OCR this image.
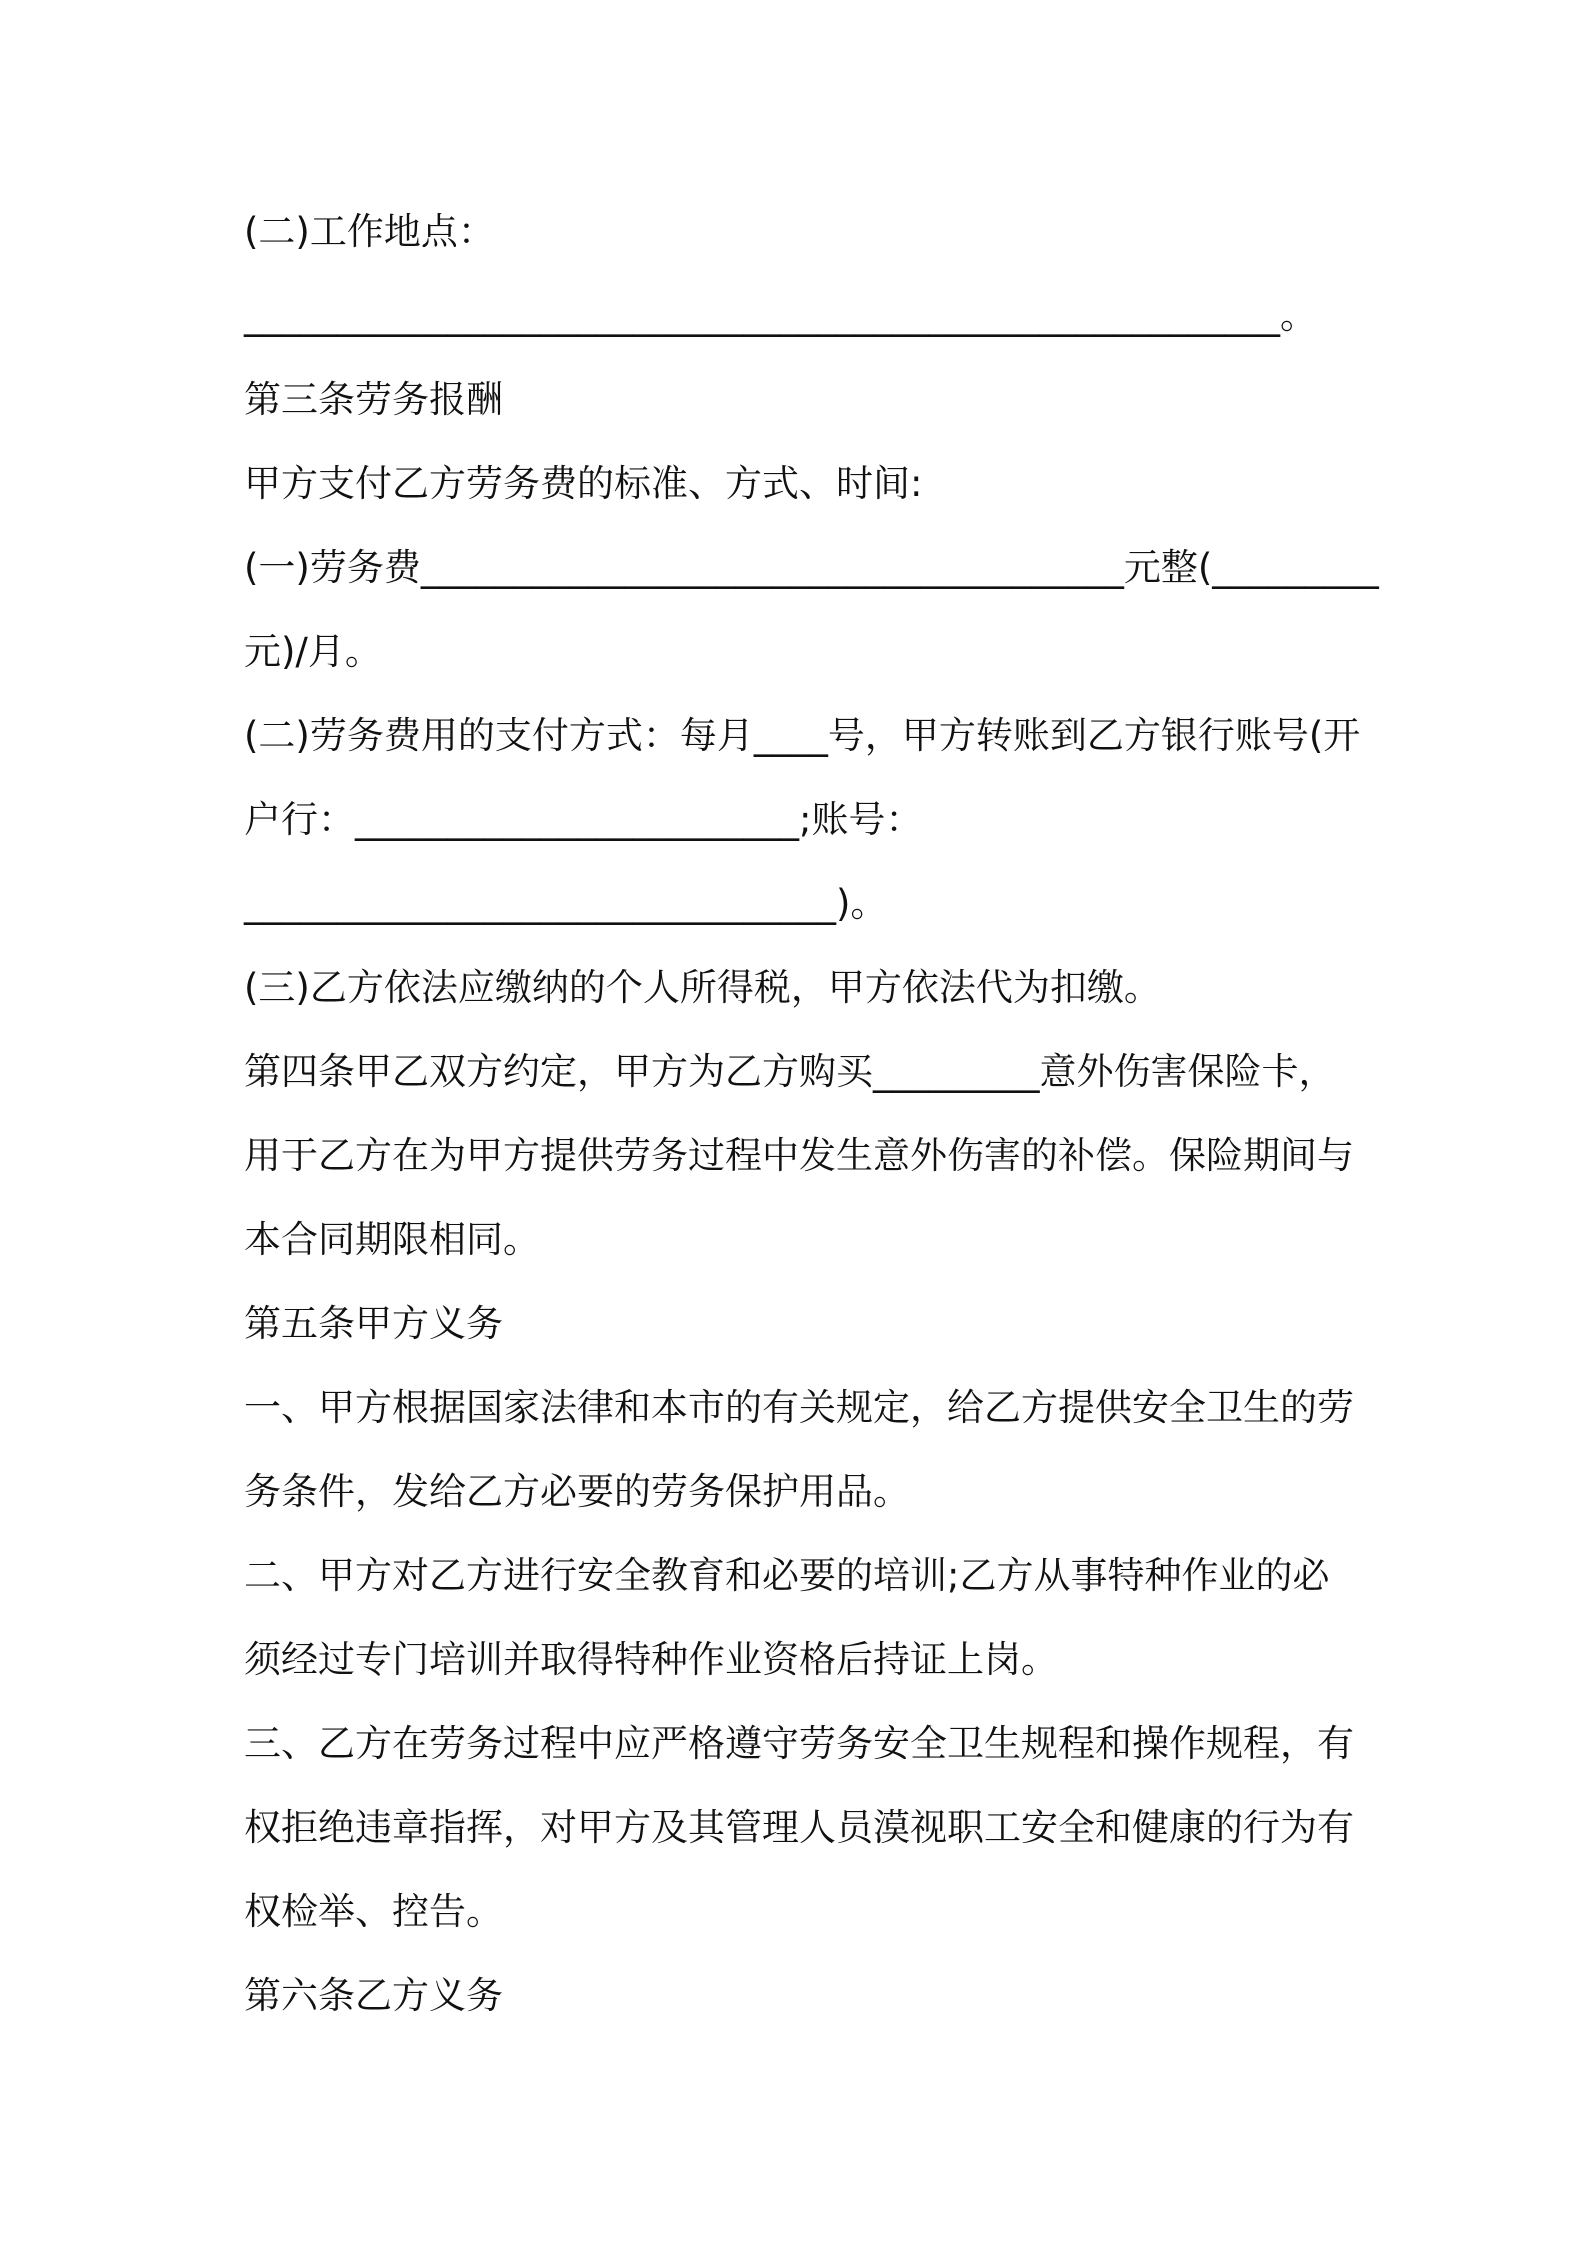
(二)工作地点：
________________________________________________________。
第三条劳务报酬
甲方支付乙方劳务费的标准、方式、时间:
(一)劳务费______________________________________元整(_________
元)/月。
(二)劳务费用的支付方式：每月____号，甲方转账到乙方银行账号(开
户行：________________________;账号：
________________________________)。
(三)乙方依法应缴纳的个人所得税，甲方依法代为扣缴。
第四条甲乙双方约定，甲方为乙方购买_________意外伤害保险卡，
用于乙方在为甲方提供劳务过程中发生意外伤害的补偿。保险期间与
本合同期限相同。
第五条甲方义务
一、甲方根据国家法律和本市的有关规定，给乙方提供安全卫生的劳
务条件，发给乙方必要的劳务保护用品。
二、甲方对乙方进行安全教育和必要的培训;乙方从事特种作业的必
须经过专门培训并取得特种作业资格后持证上岗。
三、乙方在劳务过程中应严格遵守劳务安全卫生规程和操作规程，有
权拒绝违章指挥，对甲方及其管理人员漠视职工安全和健康的行为有
权检举、控告。
第六条乙方义务
